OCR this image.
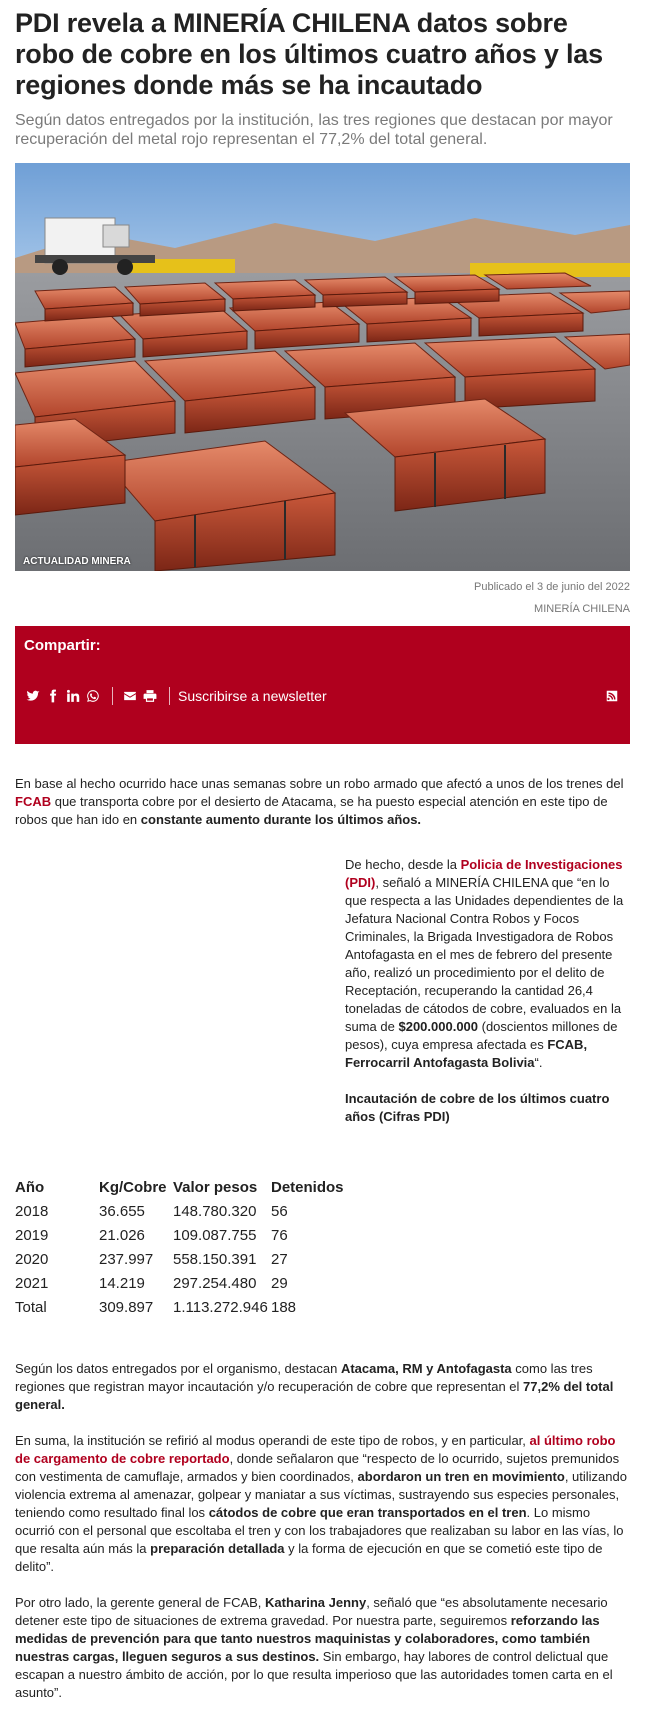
PDI revela a MINERÍA CHILENA datos sobre robo de cobre en los últimos cuatro años y las regiones donde más se ha incautado

Según datos entregados por la institución, las tres regiones que destacan por mayor recuperación del metal rojo representan el 77,2% del total general.

ACTUALIDAD MINERA
Publicado el 3 de junio del 2022
MINERÍA CHILENA
Compartir:
Suscribirse a newsletter

En base al hecho ocurrido hace unas semanas sobre un robo armado que afectó a unos de los trenes del FCAB que transporta cobre por el desierto de Atacama, se ha puesto especial atención en este tipo de robos que han ido en constante aumento durante los últimos años.

De hecho, desde la Policia de Investigaciones (PDI), señaló a MINERÍA CHILENA que “en lo que respecta a las Unidades dependientes de la Jefatura Nacional Contra Robos y Focos Criminales, la Brigada Investigadora de Robos Antofagasta en el mes de febrero del presente año, realizó un procedimiento por el delito de Receptación, recuperando la cantidad 26,4 toneladas de cátodos de cobre, evaluados en la suma de $200.000.000 (doscientos millones de pesos), cuya empresa afectada es FCAB, Ferrocarril Antofagasta Bolivia“.

Incautación de cobre de los últimos cuatro años (Cifras PDI)

Año	Kg/Cobre	Valor pesos	Detenidos
2018	36.655	148.780.320	56
2019	21.026	109.087.755	76
2020	237.997	558.150.391	27
2021	14.219	297.254.480	29
Total	309.897	1.113.272.946	188

Según los datos entregados por el organismo, destacan Atacama, RM y Antofagasta como las tres regiones que registran mayor incautación y/o recuperación de cobre que representan el 77,2% del total general.

En suma, la institución se refirió al modus operandi de este tipo de robos, y en particular, al último robo de cargamento de cobre reportado, donde señalaron que “respecto de lo ocurrido, sujetos premunidos con vestimenta de camuflaje, armados y bien coordinados, abordaron un tren en movimiento, utilizando violencia extrema al amenazar, golpear y maniatar a sus víctimas, sustrayendo sus especies personales, teniendo como resultado final los cátodos de cobre que eran transportados en el tren. Lo mismo ocurrió con el personal que escoltaba el tren y con los trabajadores que realizaban su labor en las vías, lo que resalta aún más la preparación detallada y la forma de ejecución en que se cometió este tipo de delito”.

Por otro lado, la gerente general de FCAB, Katharina Jenny, señaló que “es absolutamente necesario detener este tipo de situaciones de extrema gravedad. Por nuestra parte, seguiremos reforzando las medidas de prevención para que tanto nuestros maquinistas y colaboradores, como también nuestras cargas, lleguen seguros a sus destinos. Sin embargo, hay labores de control delictual que escapan a nuestro ámbito de acción, por lo que resulta imperioso que las autoridades tomen carta en el asunto”.
